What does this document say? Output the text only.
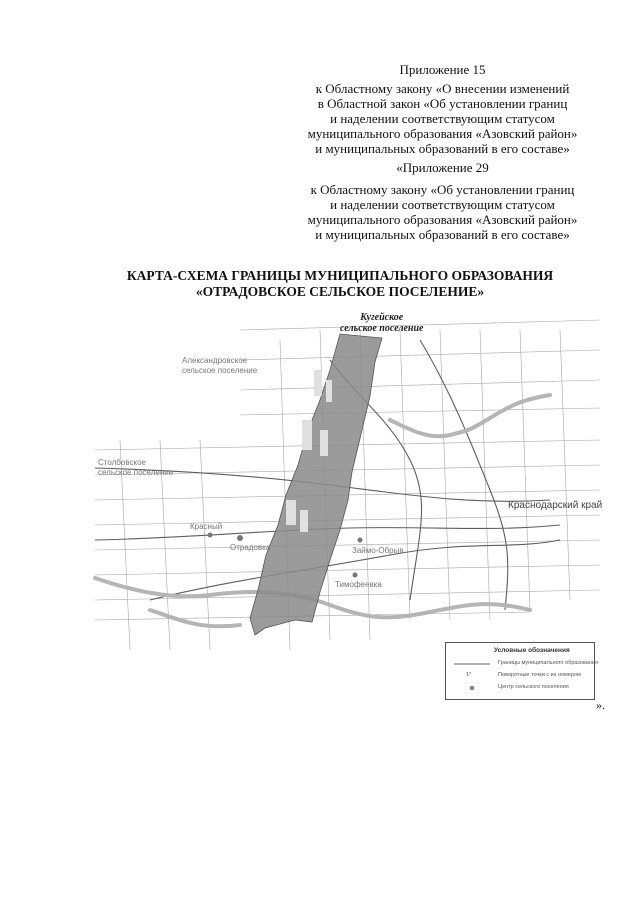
Приложение 15
к Областному закону «О внесении изменений
в Областной закон «Об установлении границ
и наделении соответствующим статусом
муниципального образования «Азовский район»
и муниципальных образований в его составе»
«Приложение 29
к Областному закону «Об установлении границ
и наделении соответствующим статусом
муниципального образования «Азовский район»
и муниципальных образований в его составе»
КАРТА-СХЕМА ГРАНИЦЫ МУНИЦИПАЛЬНОГО ОБРАЗОВАНИЯ
«ОТРАДОВСКОЕ СЕЛЬСКОЕ ПОСЕЛЕНИЕ»
Кугейское
сельское поселение
Александровское
сельское поселение
Столбовское
сельское поселение
Краснодарский край
Отрадовка	Займо-Обрыв
Тимофеевка
Красный
Условные обозначения
Границы муниципального образования
1*	Поворотные точки с их номером
Центр сельского поселения
».
